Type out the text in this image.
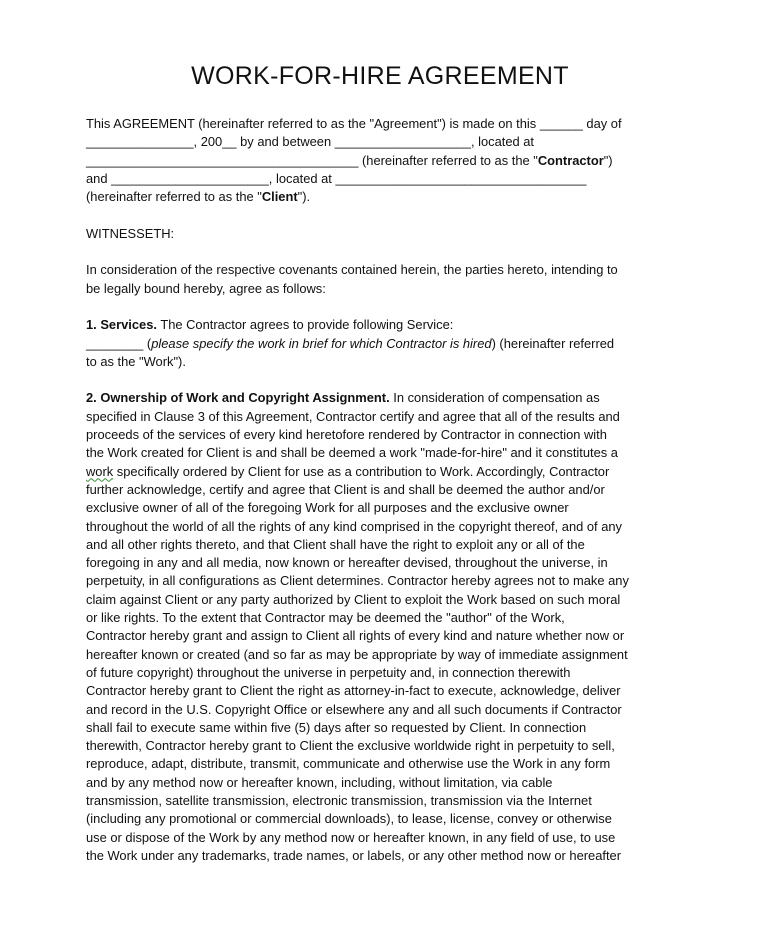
WORK-FOR-HIRE AGREEMENT
This AGREEMENT (hereinafter referred to as the "Agreement") is made on this ______ day of
_______________, 200__ by and between ___________________, located at
______________________________________ (hereinafter referred to as the "Contractor")
and ______________________, located at ___________________________________
(hereinafter referred to as the "Client").
WITNESSETH:
In consideration of the respective covenants contained herein, the parties hereto, intending to
be legally bound hereby, agree as follows:
1. Services. The Contractor agrees to provide following Service:
________ (please specify the work in brief for which Contractor is hired) (hereinafter referred
to as the "Work").
2. Ownership of Work and Copyright Assignment. In consideration of compensation as
specified in Clause 3 of this Agreement, Contractor certify and agree that all of the results and
proceeds of the services of every kind heretofore rendered by Contractor in connection with
the Work created for Client is and shall be deemed a work "made-for-hire" and it constitutes a
work specifically ordered by Client for use as a contribution to Work. Accordingly, Contractor
further acknowledge, certify and agree that Client is and shall be deemed the author and/or
exclusive owner of all of the foregoing Work for all purposes and the exclusive owner
throughout the world of all the rights of any kind comprised in the copyright thereof, and of any
and all other rights thereto, and that Client shall have the right to exploit any or all of the
foregoing in any and all media, now known or hereafter devised, throughout the universe, in
perpetuity, in all configurations as Client determines. Contractor hereby agrees not to make any
claim against Client or any party authorized by Client to exploit the Work based on such moral
or like rights. To the extent that Contractor may be deemed the "author" of the Work,
Contractor hereby grant and assign to Client all rights of every kind and nature whether now or
hereafter known or created (and so far as may be appropriate by way of immediate assignment
of future copyright) throughout the universe in perpetuity and, in connection therewith
Contractor hereby grant to Client the right as attorney-in-fact to execute, acknowledge, deliver
and record in the U.S. Copyright Office or elsewhere any and all such documents if Contractor
shall fail to execute same within five (5) days after so requested by Client. In connection
therewith, Contractor hereby grant to Client the exclusive worldwide right in perpetuity to sell,
reproduce, adapt, distribute, transmit, communicate and otherwise use the Work in any form
and by any method now or hereafter known, including, without limitation, via cable
transmission, satellite transmission, electronic transmission, transmission via the Internet
(including any promotional or commercial downloads), to lease, license, convey or otherwise
use or dispose of the Work by any method now or hereafter known, in any field of use, to use
the Work under any trademarks, trade names, or labels, or any other method now or hereafter
